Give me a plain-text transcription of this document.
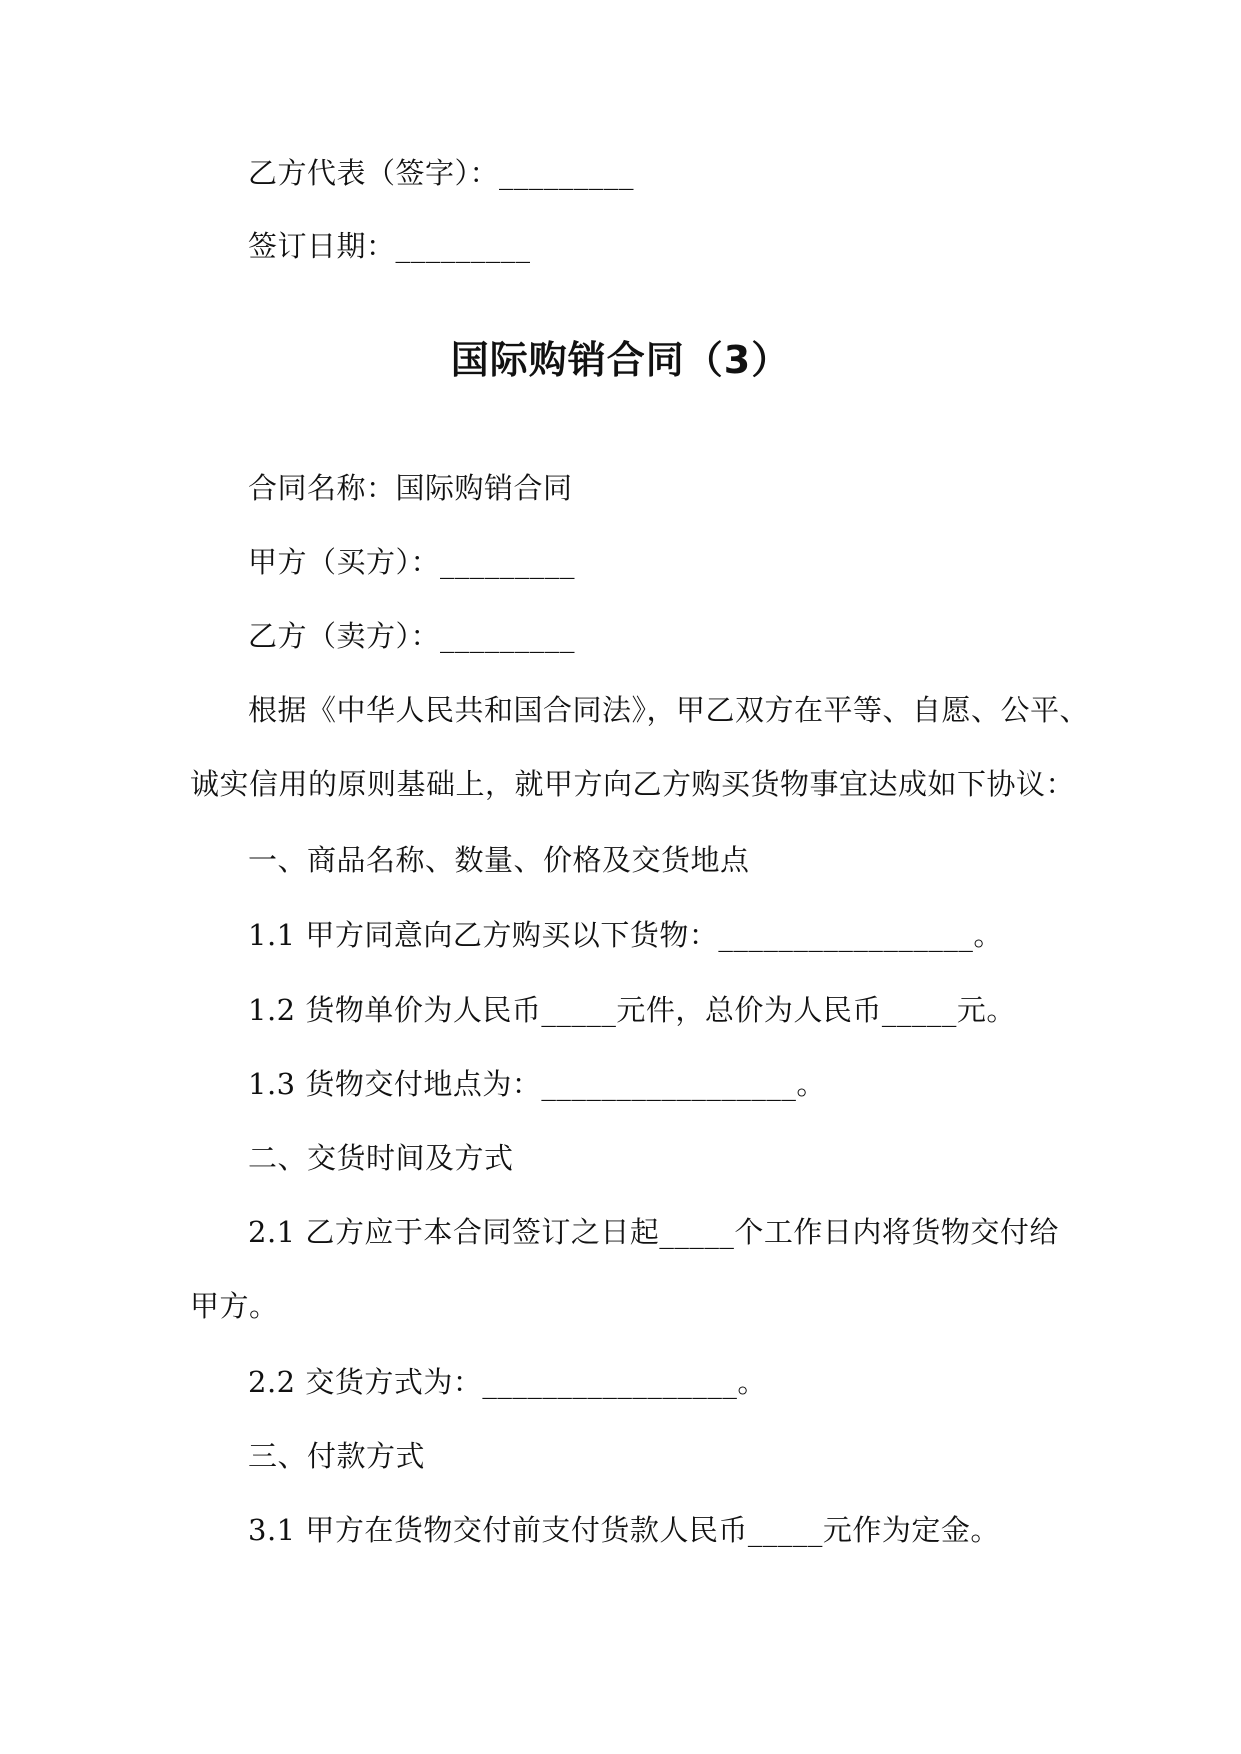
乙方代表（签字）：_________
签订日期：_________
国际购销合同（3）
合同名称：国际购销合同
甲方（买方）：_________
乙方（卖方）：_________
根据《中华人民共和国合同法》，甲乙双方在平等、自愿、公平、
诚实信用的原则基础上，就甲方向乙方购买货物事宜达成如下协议：
一、商品名称、数量、价格及交货地点
1.1 甲方同意向乙方购买以下货物：_________________。
1.2 货物单价为人民币_____元件，总价为人民币_____元。
1.3 货物交付地点为：_________________。
二、交货时间及方式
2.1 乙方应于本合同签订之日起_____个工作日内将货物交付给
甲方。
2.2 交货方式为：_________________。
三、付款方式
3.1 甲方在货物交付前支付货款人民币_____元作为定金。
